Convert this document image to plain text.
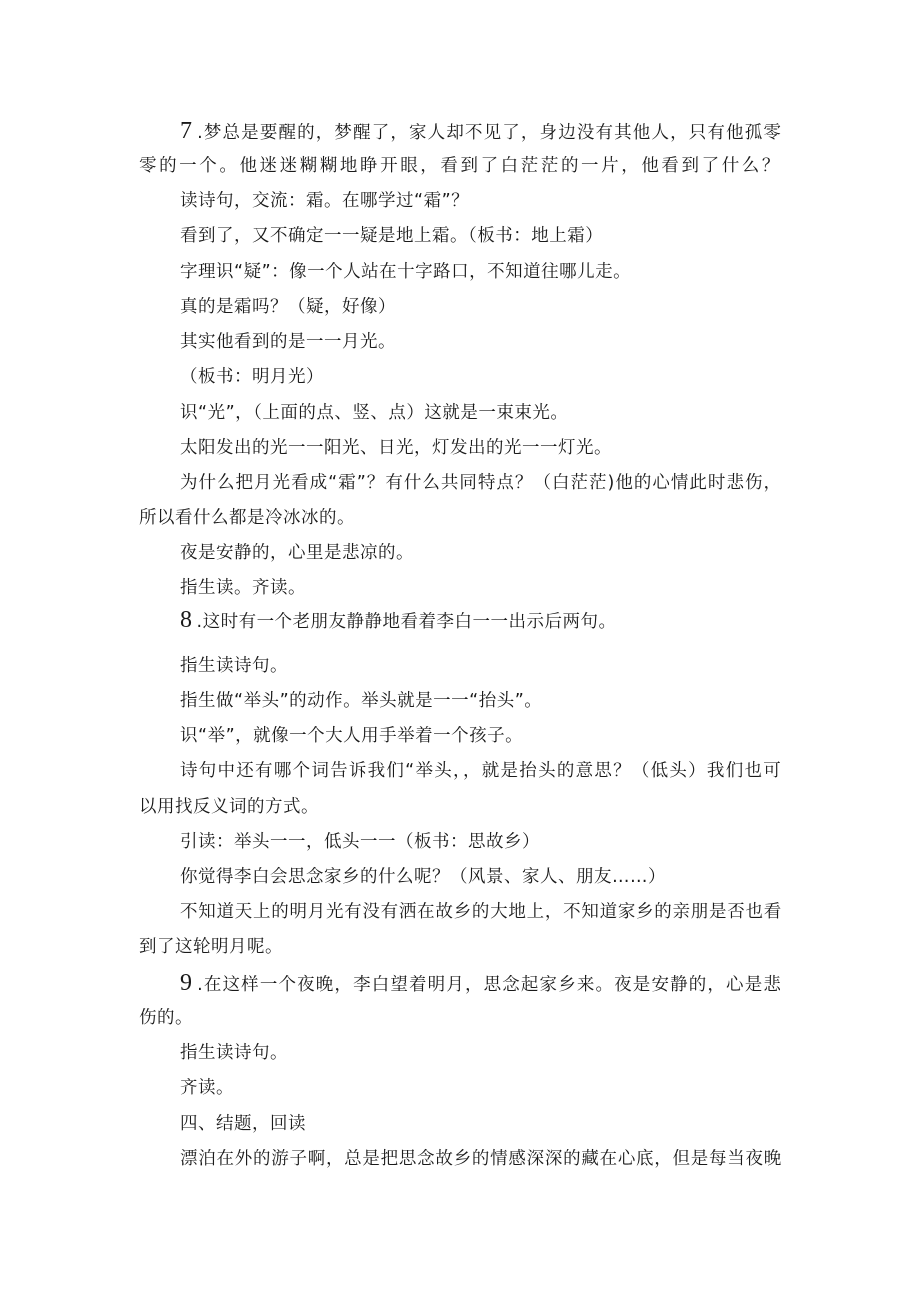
7 .梦总是要醒的，梦醒了，家人却不见了，身边没有其他人，只有他孤零
零的一个。他迷迷糊糊地睁开眼，看到了白茫茫的一片，他看到了什么？
读诗句，交流：霜。在哪学过“霜”？
看到了，又不确定一一疑是地上霜。（板书：地上霜）
字理识“疑”：像一个人站在十字路口，不知道往哪儿走。
真的是霜吗？（疑，好像）
其实他看到的是一一月光。
（板书：明月光）
识“光”，（上面的点、竖、点）这就是一束束光。
太阳发出的光一一阳光、日光，灯发出的光一一灯光。
为什么把月光看成“霜”？有什么共同特点？（白茫茫)他的心情此时悲伤，
所以看什么都是冷冰冰的。
夜是安静的，心里是悲凉的。
指生读。齐读。
8 .这时有一个老朋友静静地看着李白一一出示后两句。
指生读诗句。
指生做“举头”的动作。举头就是一一“抬头”。
识“举”，就像一个大人用手举着一个孩子。
诗句中还有哪个词告诉我们“举头，，就是抬头的意思？（低头）我们也可
以用找反义词的方式。
引读：举头一一，低头一一（板书：思故乡）
你觉得李白会思念家乡的什么呢？（风景、家人、朋友……）
不知道天上的明月光有没有洒在故乡的大地上，不知道家乡的亲朋是否也看
到了这轮明月呢。
9 .在这样一个夜晚，李白望着明月，思念起家乡来。夜是安静的，心是悲
伤的。
指生读诗句。
齐读。
四、结题，回读
漂泊在外的游子啊，总是把思念故乡的情感深深的藏在心底，但是每当夜晚
